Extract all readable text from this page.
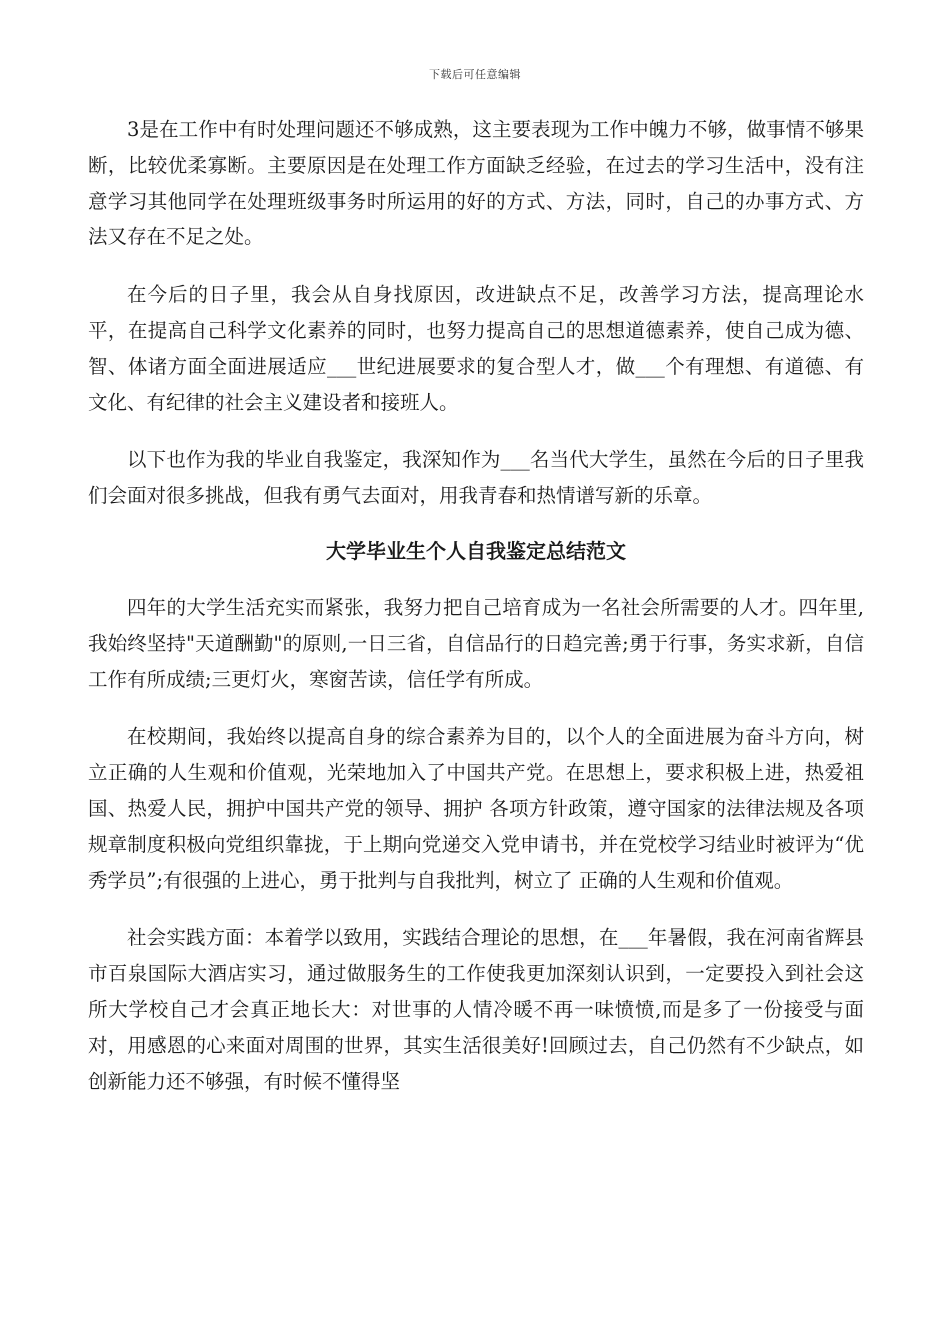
下载后可任意编辑

3是在工作中有时处理问题还不够成熟，这主要表现为工作中魄力不够，做事情不够果断，比较优柔寡断。主要原因是在处理工作方面缺乏经验，在过去的学习生活中，没有注意学习其他同学在处理班级事务时所运用的好的方式、方法，同时，自己的办事方式、方法又存在不足之处。

在今后的日子里，我会从自身找原因，改进缺点不足，改善学习方法，提高理论水平，在提高自己科学文化素养的同时，也努力提高自己的思想道德素养，使自己成为德、智、体诸方面全面进展适应___世纪进展要求的复合型人才，做___个有理想、有道德、有文化、有纪律的社会主义建设者和接班人。

以下也作为我的毕业自我鉴定，我深知作为___名当代大学生，虽然在今后的日子里我们会面对很多挑战，但我有勇气去面对，用我青春和热情谱写新的乐章。

大学毕业生个人自我鉴定总结范文

四年的大学生活充实而紧张，我努力把自己培育成为一名社会所需要的人才。四年里,我始终坚持"天道酬勤"的原则,一日三省，自信品行的日趋完善;勇于行事，务实求新，自信工作有所成绩;三更灯火，寒窗苦读，信任学有所成。

在校期间，我始终以提高自身的综合素养为目的，以个人的全面进展为奋斗方向，树立正确的人生观和价值观，光荣地加入了中国共产党。在思想上，要求积极上进，热爱祖国、热爱人民，拥护中国共产党的领导、拥护 各项方针政策，遵守国家的法律法规及各项规章制度积极向党组织靠拢，于上期向党递交入党申请书，并在党校学习结业时被评为“优秀学员”;有很强的上进心，勇于批判与自我批判，树立了 正确的人生观和价值观。

社会实践方面：本着学以致用，实践结合理论的思想，在___年暑假，我在河南省辉县市百泉国际大酒店实习，通过做服务生的工作使我更加深刻认识到，一定要投入到社会这所大学校自己才会真正地长大：对世事的人情冷暖不再一味愤愤,而是多了一份接受与面对，用感恩的心来面对周围的世界，其实生活很美好!回顾过去，自己仍然有不少缺点，如创新能力还不够强，有时候不懂得坚
